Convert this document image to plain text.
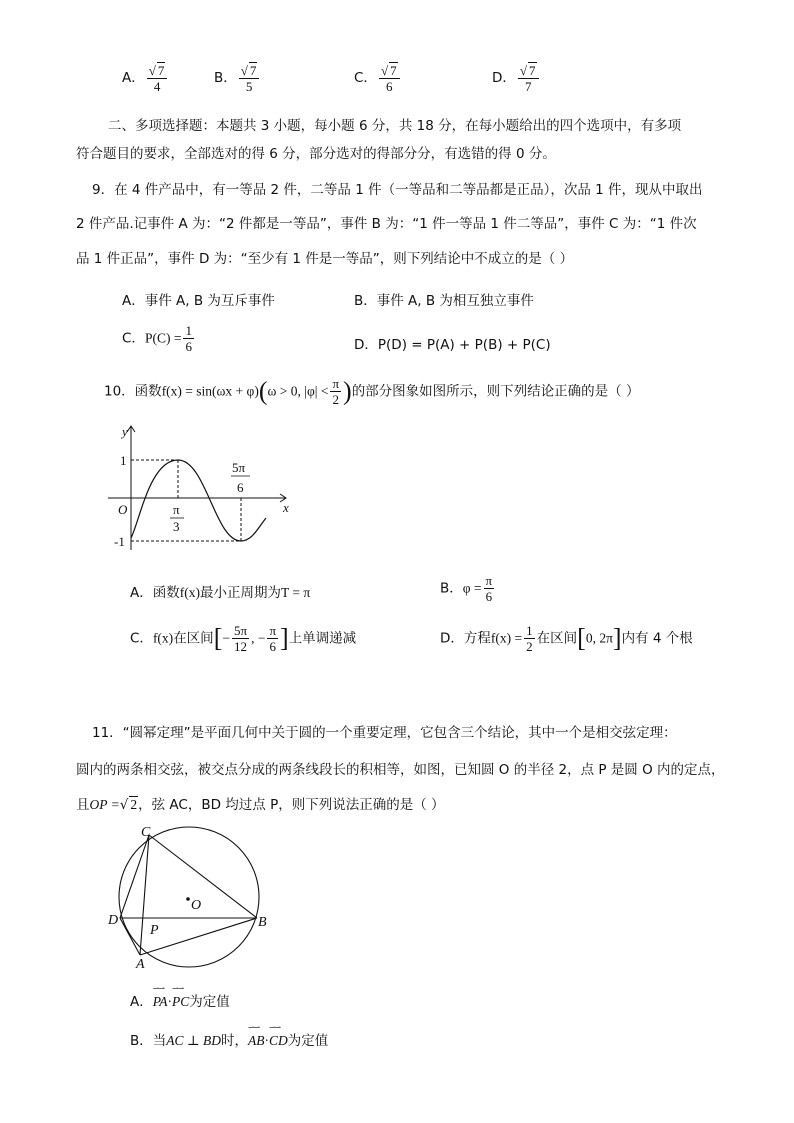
A． $\frac{√ 7}{4}$	B． $\frac{√ 7}{5}$	C． $\frac{√ 7}{6}$	D． $\frac{√ 7}{7}$
二、多项选择题：本题共 3 小题，每小题 6 分，共 18 分，在每小题给出的四个选项中，有多项
符合题目的要求，全部选对的得 6 分，部分选对的得部分分，有选错的得 0 分。
9．在 4 件产品中，有一等品 2 件，二等品 1 件（一等品和二等品都是正品），次品 1 件，现从中取出
2 件产品.记事件 A 为：“2 件都是一等品”，事件 B 为：“1 件一等品 1 件二等品”，事件 C 为：“1 件次
品 1 件正品”，事件 D 为：“至少有 1 件是一等品”，则下列结论中不成立的是（ ）
A．事件 A, B 为互斥事件	B．事件 A, B 为相互独立事件
C．$P(C) = \frac{1}{6}$	D．P(D) = P(A) + P(B) + P(C)
10．函数f(x) = sin(ωx + φ)(ω > 0, $|\varphi| < \frac{\pi}{2}$ )的部分图象如图所示，则下列结论正确的是（ ）
y
x
O
1
-1
π
3
5π
6
A．函数f(x)最小正周期为T = π	B．$\varphi = \frac{\pi}{6}$
C．f(x)在区间[− $\frac{5\pi}{12}$ , − $\frac{\pi}{6}$ ]上单调递减	D．方程$f(x) = \frac{1}{2}$ 在区间[0, 2π]内有 4 个根
11．“圆幂定理”是平面几何中关于圆的一个重要定理，它包含三个结论，其中一个是相交弦定理：
圆内的两条相交弦，被交点分成的两条线段长的积相等，如图，已知圆 O 的半径 2，点 P 是圆 O 内的定点，
且OP =√ 2，弦 AC，BD 均过点 P，则下列说法正确的是（ ）
C
D
P
O
B
A
A．⇀⇀ PA·⇀⇀ PC为定值
B．当AC ⊥ BD时，⇀⇀ AB·⇀⇀ CD为定值
